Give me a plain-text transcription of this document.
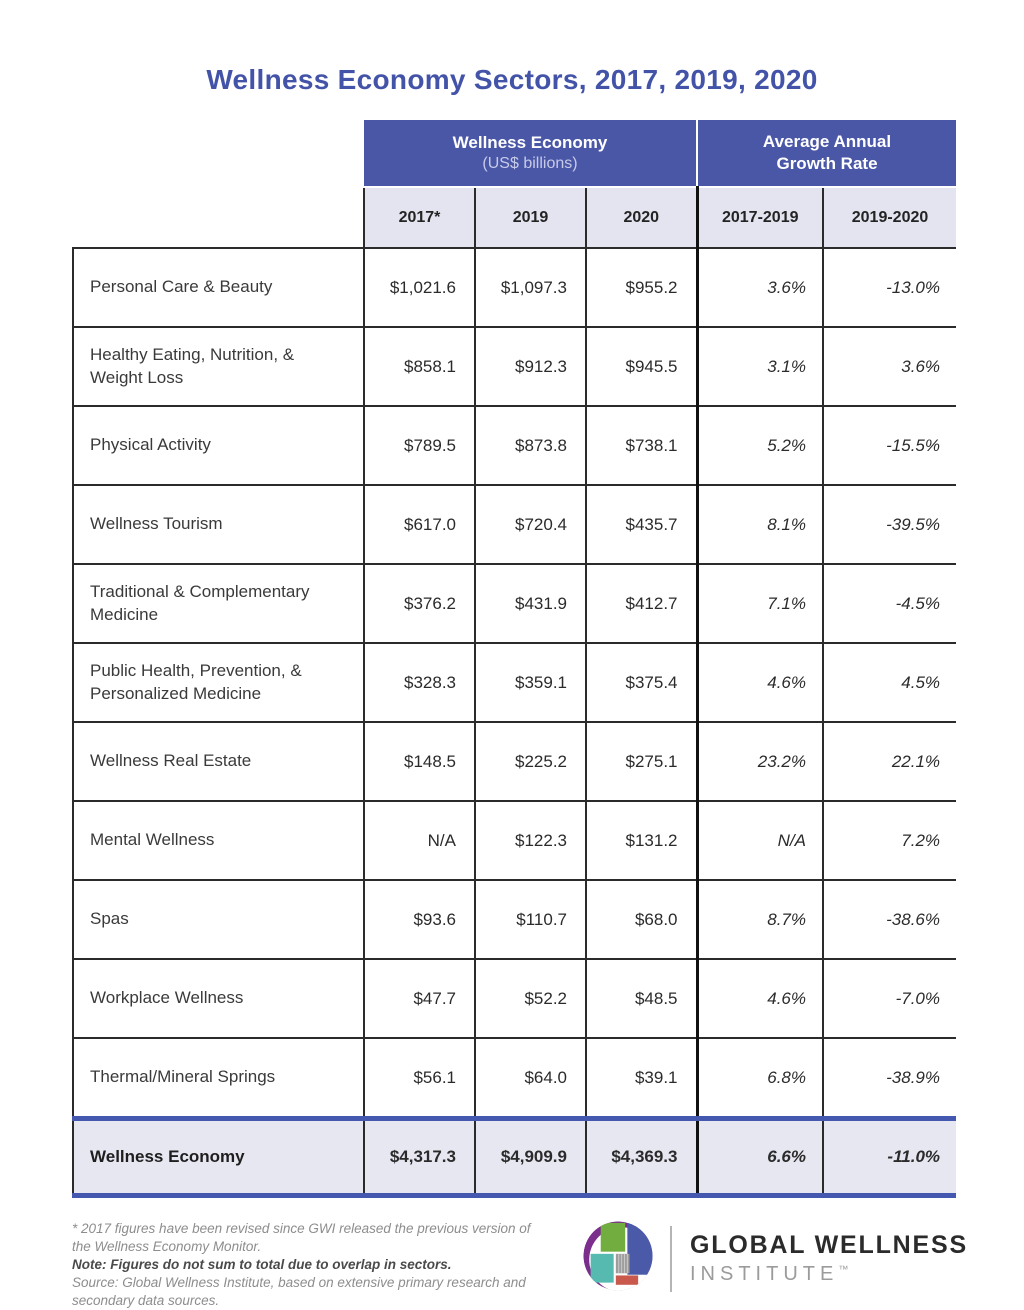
Wellness Economy Sectors, 2017, 2019, 2020

Wellness Economy
(US$ billions)

Average Annual
Growth Rate

	2017*	2019	2020	2017-2019	2019-2020
Personal Care & Beauty	$1,021.6	$1,097.3	$955.2	3.6%	-13.0%
Healthy Eating, Nutrition, & Weight Loss	$858.1	$912.3	$945.5	3.1%	3.6%
Physical Activity	$789.5	$873.8	$738.1	5.2%	-15.5%
Wellness Tourism	$617.0	$720.4	$435.7	8.1%	-39.5%
Traditional & Complementary Medicine	$376.2	$431.9	$412.7	7.1%	-4.5%
Public Health, Prevention, & Personalized Medicine	$328.3	$359.1	$375.4	4.6%	4.5%
Wellness Real Estate	$148.5	$225.2	$275.1	23.2%	22.1%
Mental Wellness	N/A	$122.3	$131.2	N/A	7.2%
Spas	$93.6	$110.7	$68.0	8.7%	-38.6%
Workplace Wellness	$47.7	$52.2	$48.5	4.6%	-7.0%
Thermal/Mineral Springs	$56.1	$64.0	$39.1	6.8%	-38.9%
Wellness Economy	$4,317.3	$4,909.9	$4,369.3	6.6%	-11.0%
* 2017 figures have been revised since GWI released the previous version of the Wellness Economy Monitor.
Note: Figures do not sum to total due to overlap in sectors.
Source: Global Wellness Institute, based on extensive primary research and secondary data sources.
GLOBAL WELLNESS
INSTITUTE™
